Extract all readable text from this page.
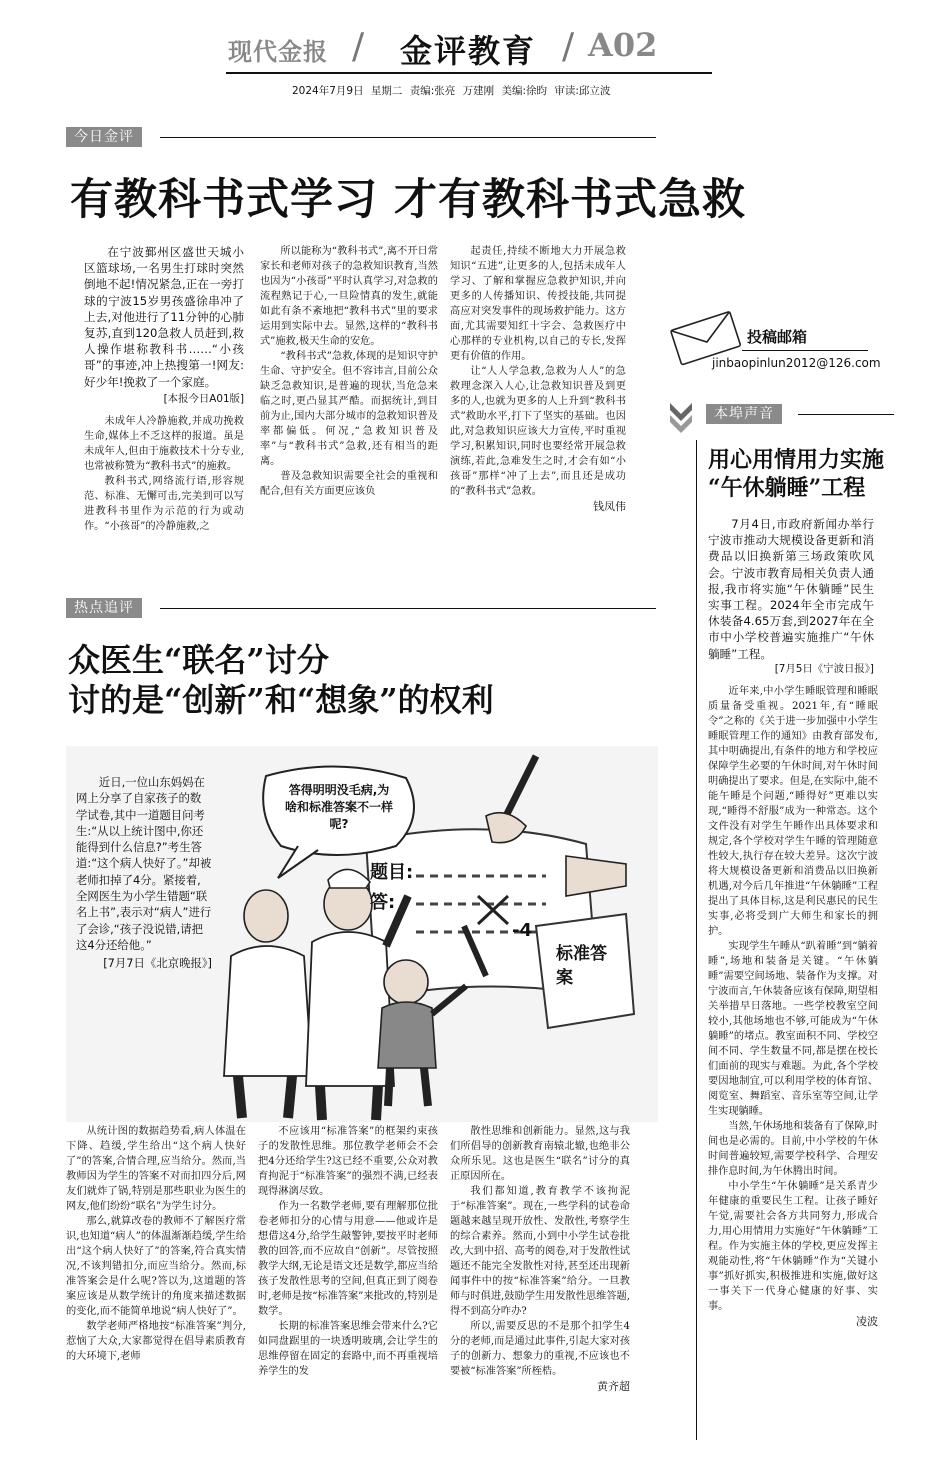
现代金报 / 金评教育 / A02
2024年7月9日 星期二 责编:张亮 万建刚 美编:徐昀 审读:邱立波
今日金评
有教科书式学习 才有教科书式急救

在宁波鄞州区盛世天城小区篮球场,一名男生打球时突然倒地不起!情况紧急,正在一旁打球的宁波15岁男孩盛徐串冲了上去,对他进行了11分钟的心肺复苏,直到120急救人员赶到,救人操作堪称教科书……“小孩哥”的事迹,冲上热搜第一!网友:好少年!挽救了一个家庭。

[本报今日A01版]

未成年人冷静施救,并成功挽救生命,媒体上不乏这样的报道。虽是未成年人,但由于施救技术十分专业,也常被称赞为“教科书式”的施救。

教科书式,网络流行语,形容规范、标准、无懈可击,完美到可以写进教科书里作为示范的行为或动作。“小孩哥”的冷静施救,之

所以能称为“教科书式”,离不开日常家长和老师对孩子的急救知识教育,当然也因为“小孩哥”平时认真学习,对急救的流程熟记于心,一旦险情真的发生,就能如此有条不紊地把“教科书式”里的要求运用到实际中去。显然,这样的“教科书式”施救,极天生命的安危。

“教科书式”急救,体现的是知识守护生命、守护安全。但不容讳言,目前公众缺乏急救知识,是普遍的现状,当危急来临之时,更凸显其严酷。而据统计,到目前为止,国内大部分城市的急救知识普及率都偏低。何况,“急救知识普及率”与“教科书式”急救,还有相当的距离。

普及急救知识需要全社会的重视和配合,但有关方面更应该负

起责任,持续不断地大力开展急救知识“五进”,让更多的人,包括未成年人学习、了解和掌握应急救护知识,并向更多的人传播知识、传授技能,共同提高应对突发事件的现场救护能力。这方面,尤其需要知红十字会、急救医疗中心那样的专业机构,以自己的专长,发挥更有价值的作用。

让“人人学急救,急救为人人”的急救理念深入人心,让急救知识普及到更多的人,也就为更多的人上升到“教科书式”救助水平,打下了坚实的基础。也因此,对急救知识应该大力宣传,平时重视学习,积累知识,同时也要经常开展急救演练,若此,急难发生之时,才会有如“小孩哥”那样“冲了上去”,而且还是成功的“教科书式”急救。

钱凤伟
投稿邮箱
jinbaopinlun2012@126.com
本埠声音
用心用情用力实施
“午休躺睡”工程

7月4日,市政府新闻办举行宁波市推动大规模设备更新和消费品以旧换新第三场政策吹风会。宁波市教育局相关负责人通报,我市将实施“午休躺睡”民生实事工程。2024年全市完成午休装备4.65万套,到2027年在全市中小学校普遍实施推广“午休躺睡”工程。

[7月5日《宁波日报》]

近年来,中小学生睡眠管理和睡眠质量备受重视。2021年,有“睡眠令”之称的《关于进一步加强中小学生睡眠管理工作的通知》由教育部发布,其中明确提出,有条件的地方和学校应保障学生必要的午休时间,对午休时间明确提出了要求。但是,在实际中,能不能午睡是个问题,“睡得好”更难以实现,“睡得不舒服”成为一种常态。这个文件没有对学生午睡作出具体要求和规定,各个学校对学生午睡的管理随意性较大,执行存在较大差异。这次宁波将大规模设备更新和消费品以旧换新机遇,对今后几年推进“午休躺睡”工程提出了具体目标,这是利民惠民的民生实事,必将受到广大师生和家长的拥护。

实现学生午睡从“趴着睡”到“躺着睡”,场地和装备是关键。“午休躺睡”需要空间场地、装备作为支撑。对宁波而言,午休装备应该有保障,期望相关举措早日落地。一些学校教室空间较小,其他场地也不够,可能成为“午休躺睡”的堵点。教室面积不同、学校空间不同、学生数量不同,都是摆在校长们面前的现实与难题。为此,各个学校要因地制宜,可以利用学校的体育馆、阅览室、舞蹈室、音乐室等空间,让学生实现躺睡。

当然,午休场地和装备有了保障,时间也是必需的。目前,中小学校的午休时间普遍较短,需要学校科学、合理安排作息时间,为午休腾出时间。

中小学生“午休躺睡”是关系青少年健康的重要民生工程。让孩子睡好午觉,需要社会各方共同努力,形成合力,用心用情用力实施好“午休躺睡”工程。作为实施主体的学校,更应发挥主观能动性,将“午休躺睡”作为“关键小事”抓好抓实,积极推进和实施,做好这一事关下一代身心健康的好事、实事。

凌波
热点追评
众医生“联名”讨分
讨的是“创新”和“想象”的权利
答得明明没毛病,为啥和标准答案不一样呢?
题目:
答:
-4
标准答案

近日,一位山东妈妈在网上分享了自家孩子的数学试卷,其中一道题目问考生:“从以上统计图中,你还能得到什么信息?”考生答道:“这个病人快好了。”却被老师扣掉了4分。紧接着,全网医生为小学生错题“联名上书”,表示对“病人”进行了会诊,“孩子没说错,请把这4分还给他。”

[7月7日《北京晚报》]

从统计图的数据趋势看,病人体温在下降、趋缓,学生给出“这个病人快好了”的答案,合情合理,应当给分。然而,当教师因为学生的答案不对而扣四分后,网友们就炸了锅,特别是那些职业为医生的网友,他们纷纷“联名”为学生讨分。

那么,就算改卷的教师不了解医疗常识,也知道“病人”的体温渐渐趋缓,学生给出“这个病人快好了”的答案,符合真实情况,不该判错扣分,而应当给分。然而,标准答案会是什么呢?答以为,这道题的答案应该是从数学统计的角度来描述数据的变化,而不能简单地说“病人快好了”。

数学老师严格地按“标准答案”判分,惹恼了大众,大家都觉得在倡导素质教育的大环境下,老师

不应该用“标准答案”的框架约束孩子的发散性思维。那位教学老师会不会把4分还给学生?这已经不重要,公众对教育拘泥于“标准答案”的强烈不满,已经表现得淋漓尽致。

作为一名数学老师,要有理解那位批卷老师扣分的心情与用意——他或许是想借这4分,给学生敲警钟,要按平时老师教的回答,而不应故自“创新”。尽管按照教学大纲,无论是语文还是数学,都应当给孩子发散性思考的空间,但真正到了阅卷时,老师是按“标准答案”来批改的,特别是数学。

长期的标准答案思维会带来什么?它如同盘踞里的一块透明玻璃,会让学生的思维停留在固定的套路中,而不再重视培养学生的发

散性思维和创新能力。显然,这与我们所倡导的创新教育南辕北辙,也绝非公众所乐见。这也是医生“联名”讨分的真正原因所在。

我们都知道,教育教学不该拘泥于“标准答案”。现在,一些学科的试卷命题越来越呈现开放性、发散性,考察学生的综合素养。然而,小到中小学生试卷批改,大到中招、高考的阅卷,对于发散性试题还不能完全发散性对待,甚至还出现新闻事件中的按“标准答案”给分。一旦教师与时俱进,鼓励学生用发散性思维答题,得不到高分咋办?

所以,需要反思的不是那个扣学生4分的老师,而是通过此事件,引起大家对孩子的创新力、想象力的重视,不应该也不要被“标准答案”所桎梏。

黄齐超
